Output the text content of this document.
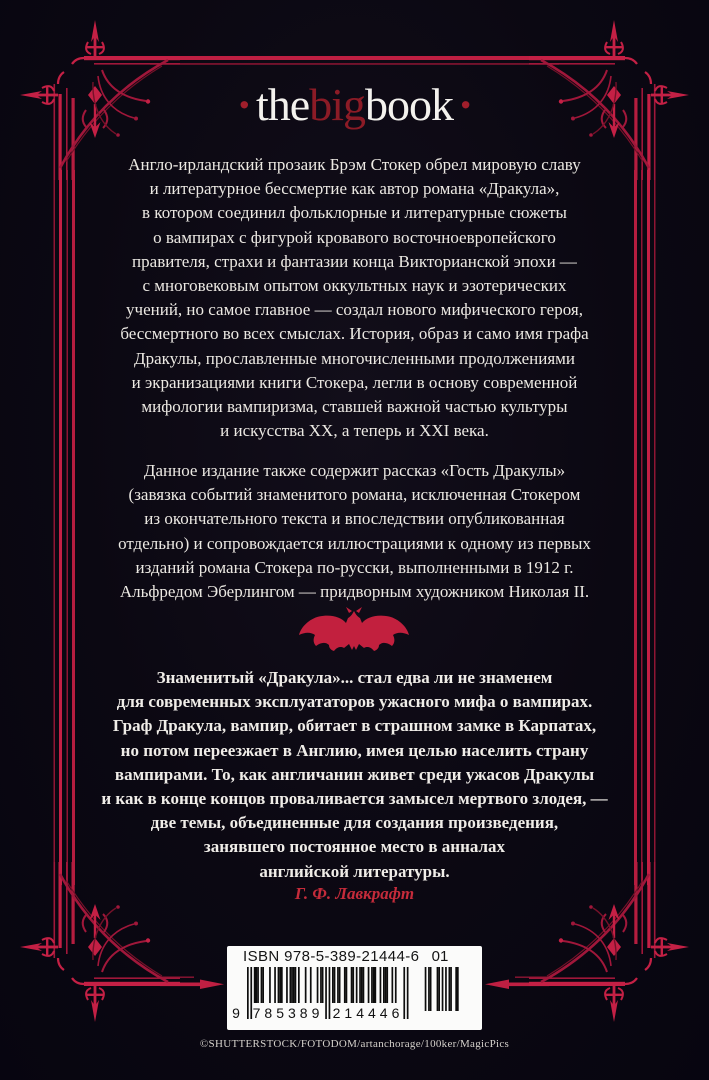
· thebigbook ·
Англо-ирландский прозаик Брэм Стокер обрел мировую славу
и литературное бессмертие как автор романа «Дракула»,
в котором соединил фольклорные и литературные сюжеты
о вампирах с фигурой кровавого восточноевропейского
правителя, страхи и фантазии конца Викторианской эпохи —
с многовековым опытом оккультных наук и эзотерических
учений, но самое главное — создал нового мифического героя,
бессмертного во всех смыслах. История, образ и само имя графа
Дракулы, прославленные многочисленными продолжениями
и экранизациями книги Стокера, легли в основу современной
мифологии вампиризма, ставшей важной частью культуры
и искусства XX, а теперь и XXI века.
Данное издание также содержит рассказ «Гость Дракулы»
(завязка событий знаменитого романа, исключенная Стокером
из окончательного текста и впоследствии опубликованная
отдельно) и сопровождается иллюстрациями к одному из первых
изданий романа Стокера по-русски, выполненными в 1912 г.
Альфредом Эберлингом — придворным художником Николая II.
Знаменитый «Дракула»... стал едва ли не знаменем
для современных эксплуататоров ужасного мифа о вампирах.
Граф Дракула, вампир, обитает в страшном замке в Карпатах,
но потом переезжает в Англию, имея целью населить страну
вампирами. То, как англичанин живет среди ужасов Дракулы
и как в конце концов проваливается замысел мертвого злодея, —
две темы, объединенные для создания произведения,
занявшего постоянное место в анналах
английской литературы.
Г. Ф. Лавкрафт
ISBN 978-5-389-21444-6 01
9 785389 214446
©SHUTTERSTOCK/FOTODOM/artanchorage/100ker/MagicPics
